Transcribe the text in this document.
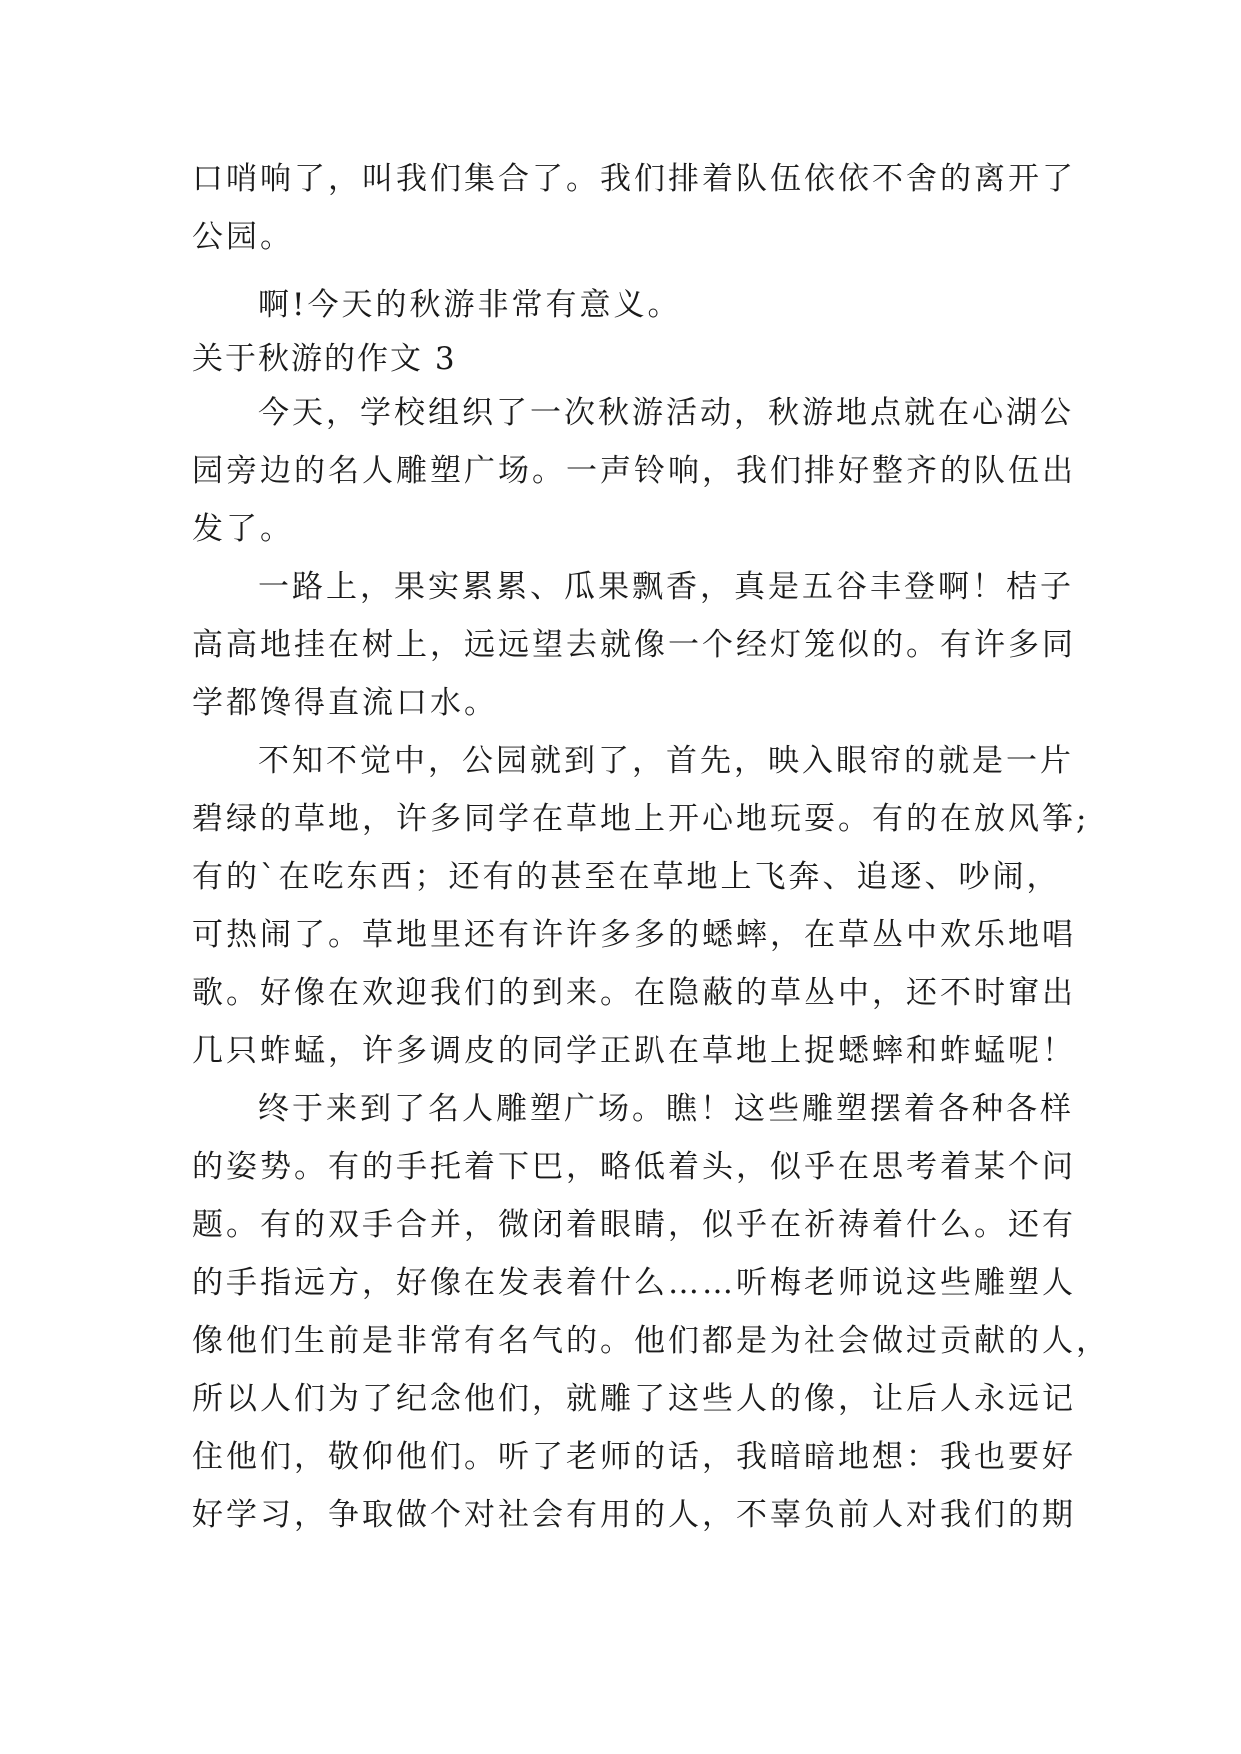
口哨响了，叫我们集合了。我们排着队伍依依不舍的离开了
公园。
啊!今天的秋游非常有意义。
关于秋游的作文 3
今天，学校组织了一次秋游活动，秋游地点就在心湖公
园旁边的名人雕塑广场。一声铃响，我们排好整齐的队伍出
发了。
一路上，果实累累、瓜果飘香，真是五谷丰登啊！桔子
高高地挂在树上，远远望去就像一个经灯笼似的。有许多同
学都馋得直流口水。
不知不觉中，公园就到了，首先，映入眼帘的就是一片
碧绿的草地，许多同学在草地上开心地玩耍。有的在放风筝;
有的`在吃东西；还有的甚至在草地上飞奔、追逐、吵闹，
可热闹了。草地里还有许许多多的蟋蟀，在草丛中欢乐地唱
歌。好像在欢迎我们的到来。在隐蔽的草丛中，还不时窜出
几只蚱蜢，许多调皮的同学正趴在草地上捉蟋蟀和蚱蜢呢！
终于来到了名人雕塑广场。瞧！这些雕塑摆着各种各样
的姿势。有的手托着下巴，略低着头，似乎在思考着某个问
题。有的双手合并，微闭着眼睛，似乎在祈祷着什么。还有
的手指远方，好像在发表着什么……听梅老师说这些雕塑人
像他们生前是非常有名气的。他们都是为社会做过贡献的人，
所以人们为了纪念他们，就雕了这些人的像，让后人永远记
住他们，敬仰他们。听了老师的话，我暗暗地想：我也要好
好学习，争取做个对社会有用的人，不辜负前人对我们的期
